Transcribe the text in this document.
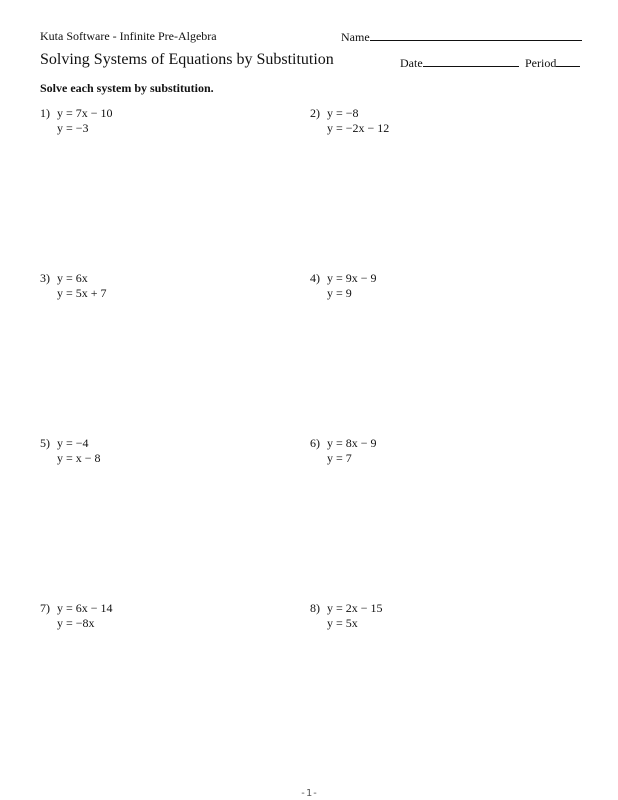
Kuta Software - Infinite Pre-Algebra	Name
Solving Systems of Equations by Substitution	Date	Period
Solve each system by substitution.
1) y = 7x − 10
y = −3
2) y = −8
y = −2x − 12
3) y = 6x
y = 5x + 7
4) y = 9x − 9
y = 9
5) y = −4
y = x − 8
6) y = 8x − 9
y = 7
7) y = 6x − 14
y = −8x
8) y = 2x − 15
y = 5x
-1-
